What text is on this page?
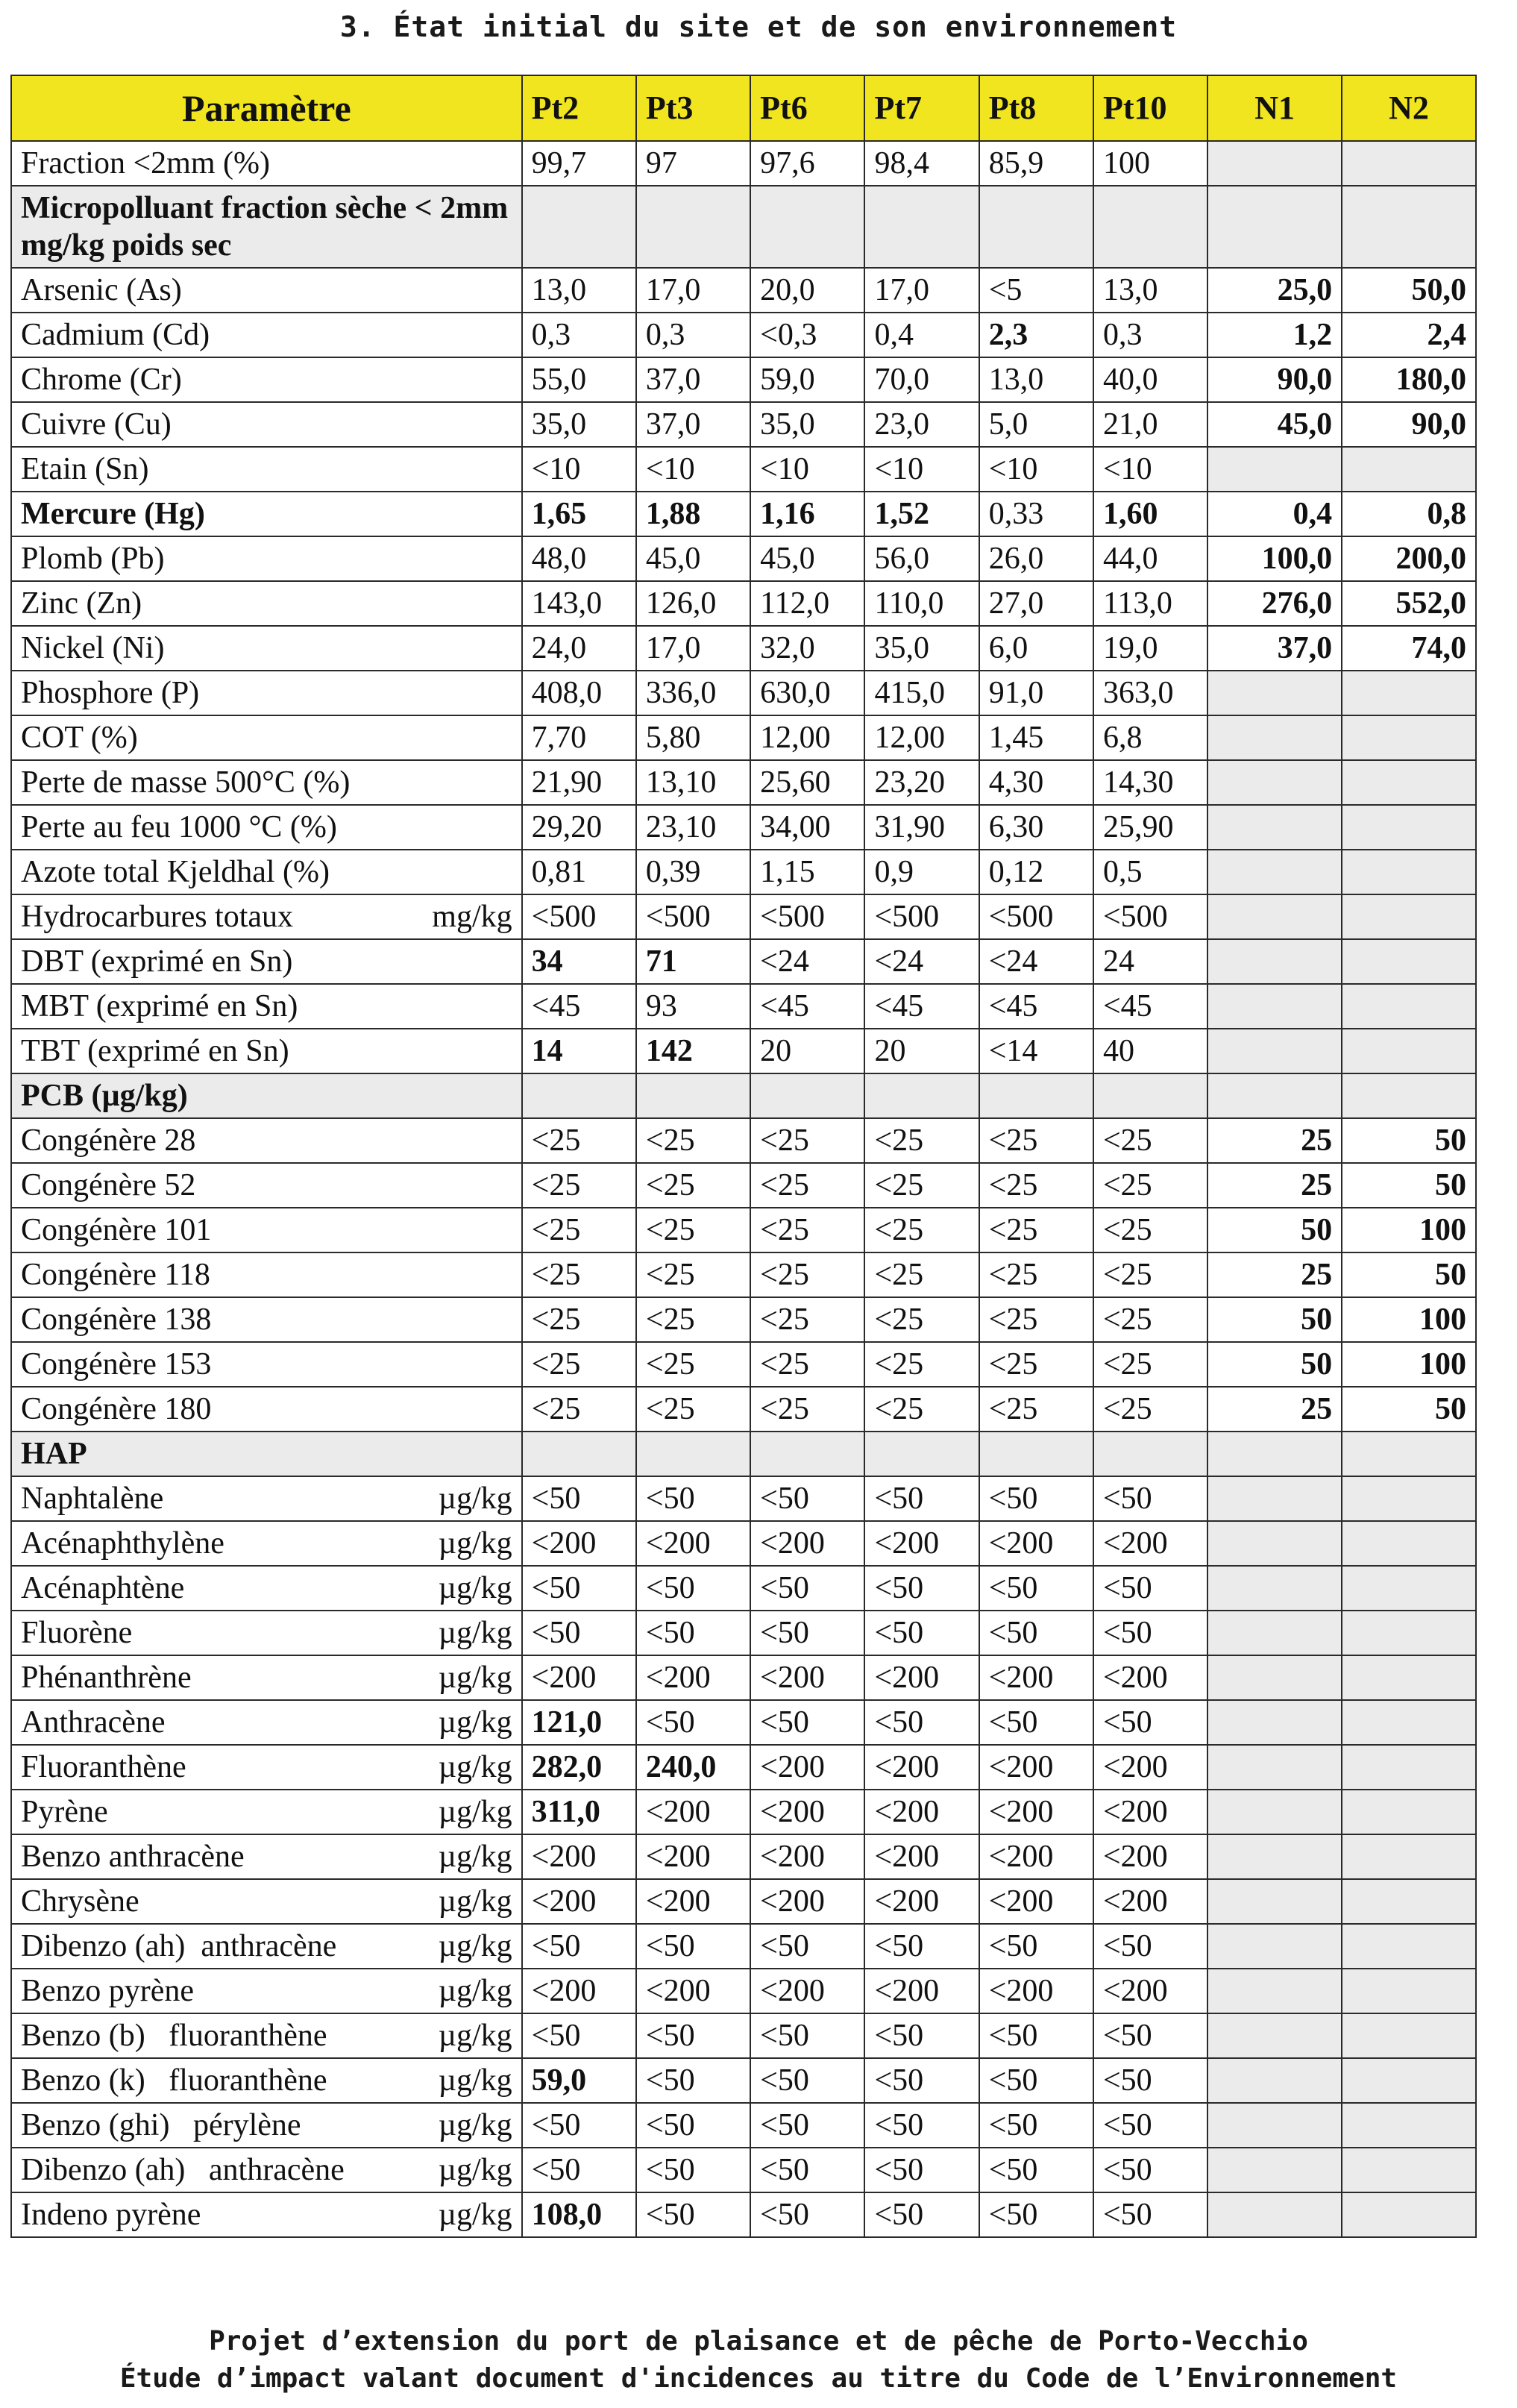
3. État initial du site et de son environnement
Paramètre	Pt2	Pt3	Pt6	Pt7	Pt8	Pt10	N1	N2
Fraction <2mm (%)	99,7	97	97,6	98,4	85,9	100		
Micropolluant fraction sèche < 2mm mg/kg poids sec								
Arsenic (As)	13,0	17,0	20,0	17,0	<5	13,0	25,0	50,0
Cadmium (Cd)	0,3	0,3	<0,3	0,4	2,3	0,3	1,2	2,4
Chrome (Cr)	55,0	37,0	59,0	70,0	13,0	40,0	90,0	180,0
Cuivre (Cu)	35,0	37,0	35,0	23,0	5,0	21,0	45,0	90,0
Etain (Sn)	<10	<10	<10	<10	<10	<10		
Mercure (Hg)	1,65	1,88	1,16	1,52	0,33	1,60	0,4	0,8
Plomb (Pb)	48,0	45,0	45,0	56,0	26,0	44,0	100,0	200,0
Zinc (Zn)	143,0	126,0	112,0	110,0	27,0	113,0	276,0	552,0
Nickel (Ni)	24,0	17,0	32,0	35,0	6,0	19,0	37,0	74,0
Phosphore (P)	408,0	336,0	630,0	415,0	91,0	363,0		
COT (%)	7,70	5,80	12,00	12,00	1,45	6,8		
Perte de masse 500°C (%)	21,90	13,10	25,60	23,20	4,30	14,30		
Perte au feu 1000 °C (%)	29,20	23,10	34,00	31,90	6,30	25,90		
Azote total Kjeldhal (%)	0,81	0,39	1,15	0,9	0,12	0,5		

Hydrocarbures totaux mg/kg	<500	<500	<500	<500	<500	<500		
DBT (exprimé en Sn)	34	71	<24	<24	<24	24		
MBT (exprimé en Sn)	<45	93	<45	<45	<45	<45		
TBT (exprimé en Sn)	14	142	20	20	<14	40		
PCB (µg/kg)								
Congénère 28	<25	<25	<25	<25	<25	<25	25	50
Congénère 52	<25	<25	<25	<25	<25	<25	25	50
Congénère 101	<25	<25	<25	<25	<25	<25	50	100
Congénère 118	<25	<25	<25	<25	<25	<25	25	50
Congénère 138	<25	<25	<25	<25	<25	<25	50	100
Congénère 153	<25	<25	<25	<25	<25	<25	50	100
Congénère 180	<25	<25	<25	<25	<25	<25	25	50
HAP								

Naphtalène µg/kg	<50	<50	<50	<50	<50	<50		

Acénaphthylène µg/kg	<200	<200	<200	<200	<200	<200		

Acénaphtène µg/kg	<50	<50	<50	<50	<50	<50		

Fluorène µg/kg	<50	<50	<50	<50	<50	<50		

Phénanthrène µg/kg	<200	<200	<200	<200	<200	<200		

Anthracène µg/kg	121,0	<50	<50	<50	<50	<50		

Fluoranthène µg/kg	282,0	240,0	<200	<200	<200	<200		

Pyrène µg/kg	311,0	<200	<200	<200	<200	<200		

Benzo anthracène µg/kg	<200	<200	<200	<200	<200	<200		

Chrysène µg/kg	<200	<200	<200	<200	<200	<200		

Dibenzo (ah)  anthracène µg/kg	<50	<50	<50	<50	<50	<50		

Benzo pyrène µg/kg	<200	<200	<200	<200	<200	<200		

Benzo (b)   fluoranthène µg/kg	<50	<50	<50	<50	<50	<50		

Benzo (k)   fluoranthène µg/kg	59,0	<50	<50	<50	<50	<50		

Benzo (ghi)   pérylène µg/kg	<50	<50	<50	<50	<50	<50		

Dibenzo (ah)   anthracène µg/kg	<50	<50	<50	<50	<50	<50		

Indeno pyrène µg/kg	108,0	<50	<50	<50	<50	<50		
Projet d’extension du port de plaisance et de pêche de Porto-Vecchio
Étude d’impact valant document d'incidences au titre du Code de l’Environnement
